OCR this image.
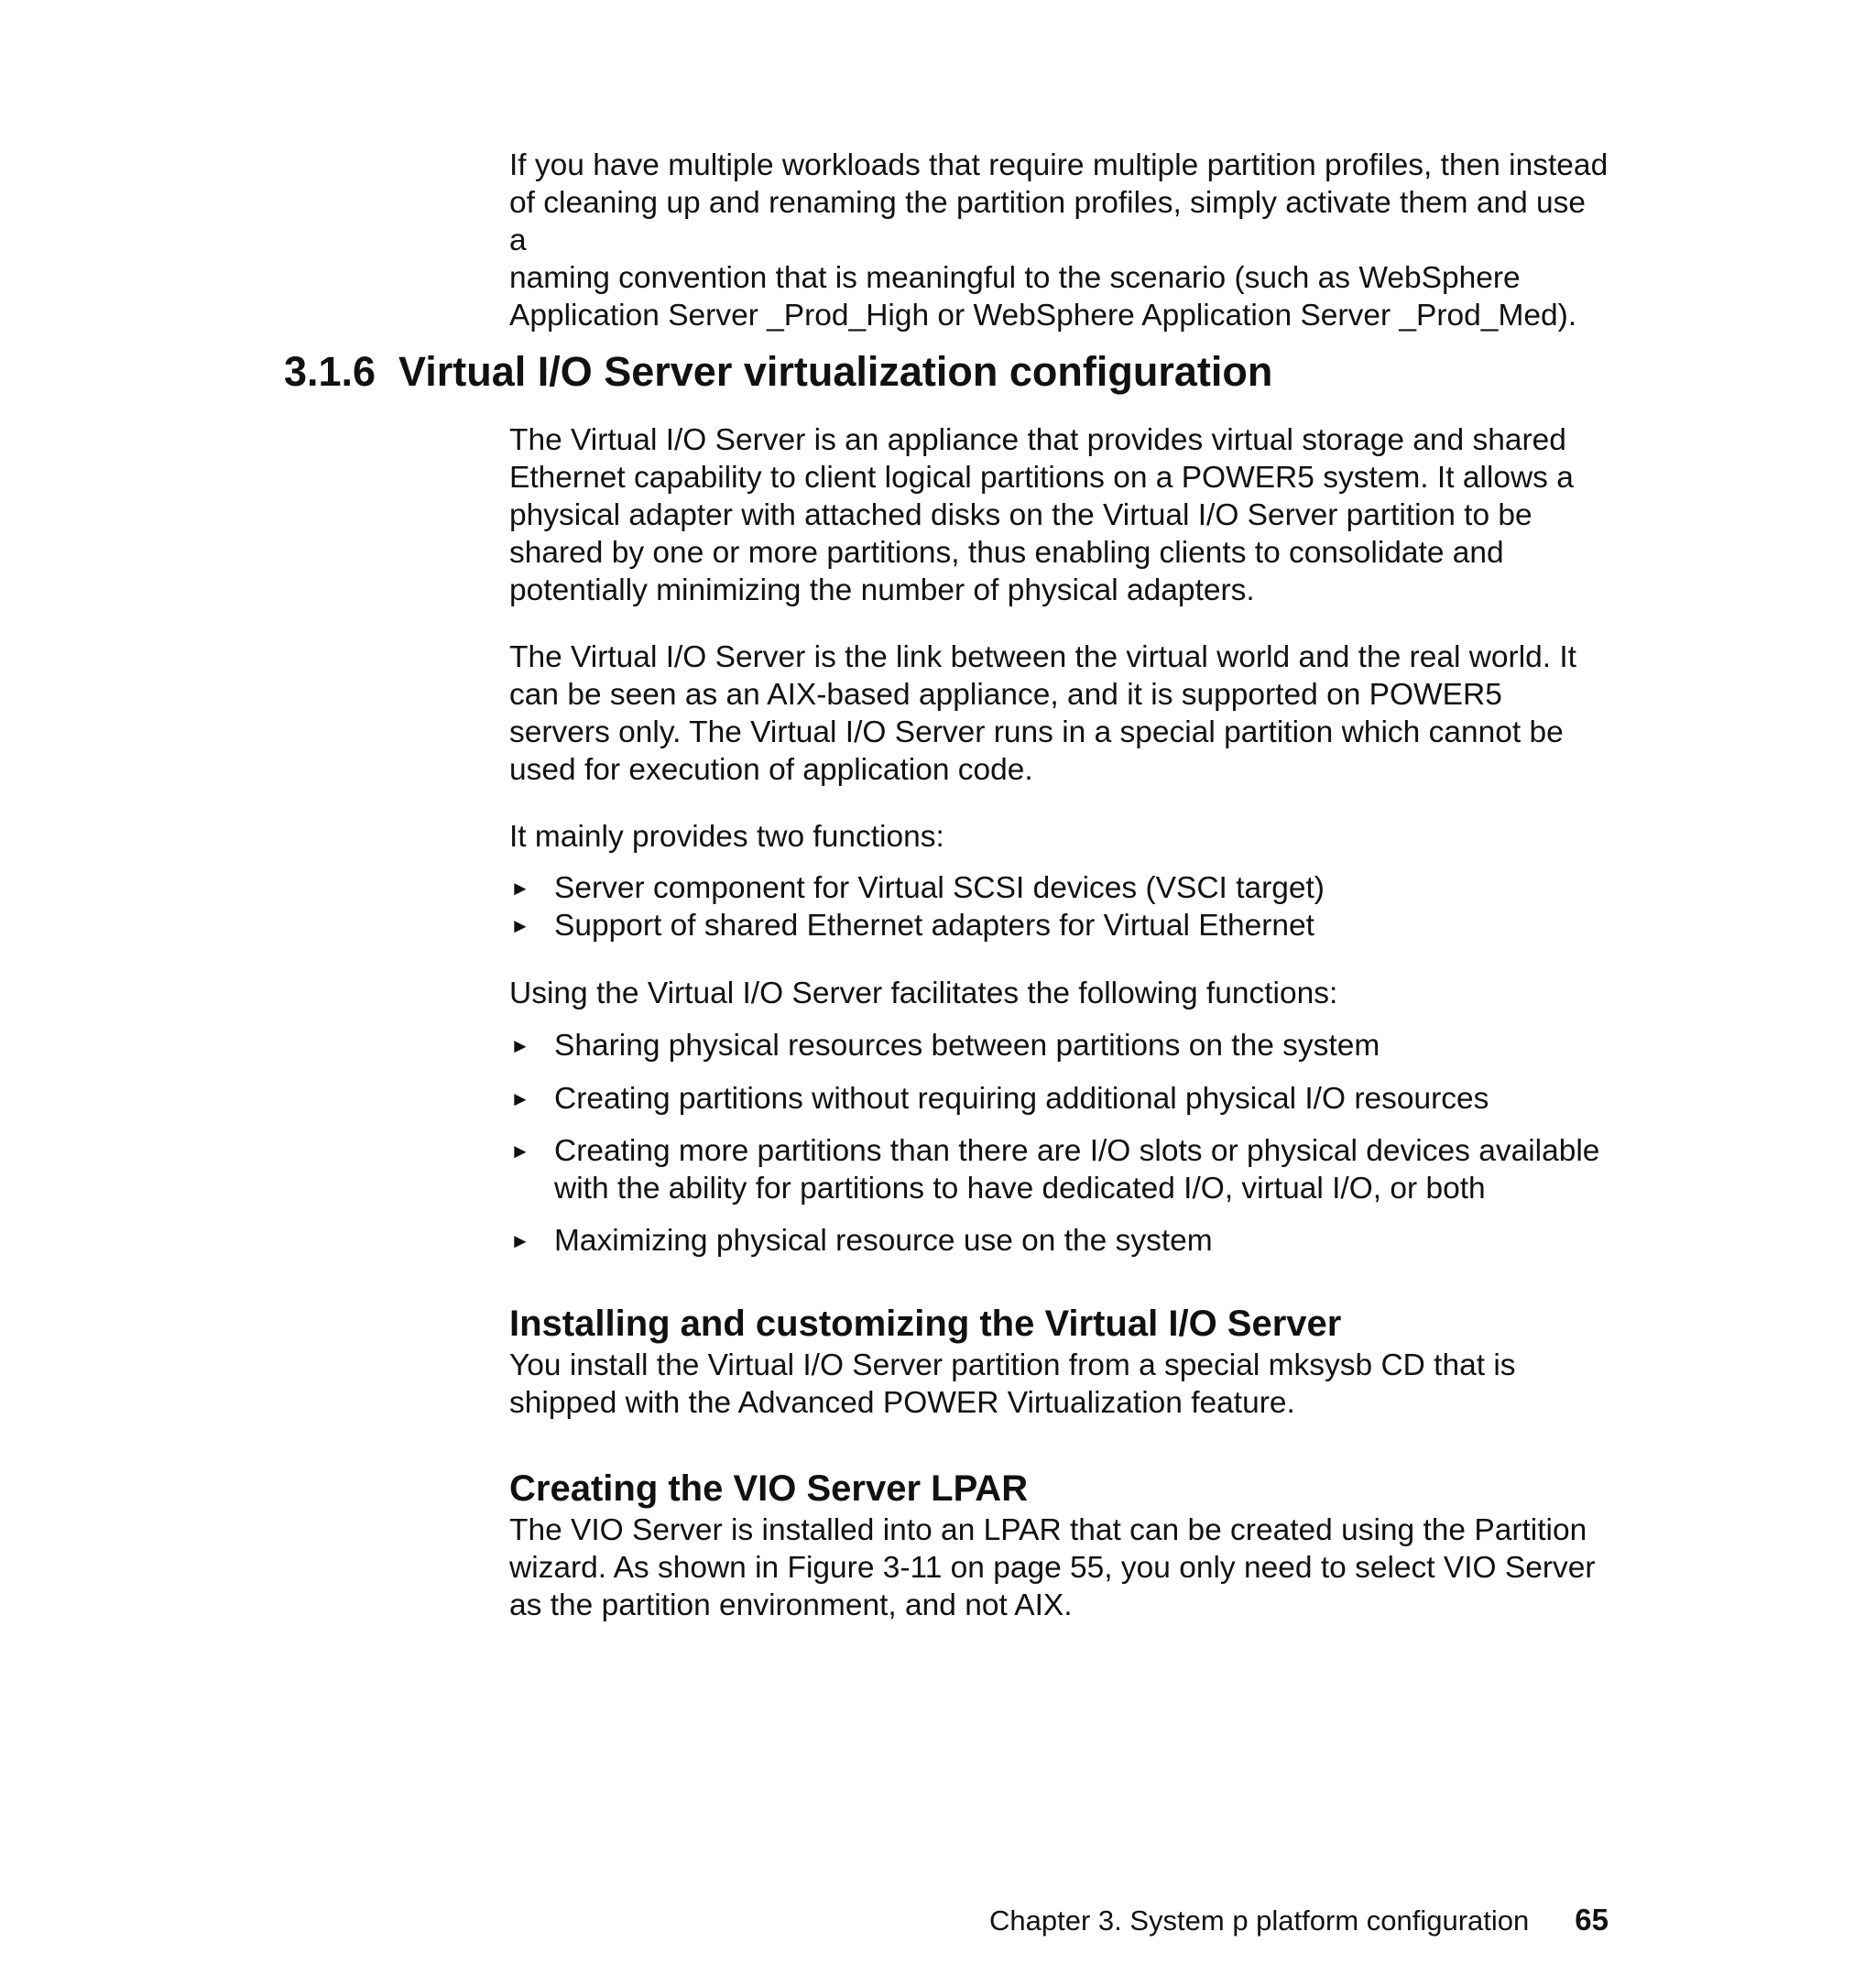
If you have multiple workloads that require multiple partition profiles, then instead
of cleaning up and renaming the partition profiles, simply activate them and use a
naming convention that is meaningful to the scenario (such as WebSphere
Application Server _Prod_High or WebSphere Application Server _Prod_Med).

3.1.6 Virtual I/O Server virtualization configuration

The Virtual I/O Server is an appliance that provides virtual storage and shared
Ethernet capability to client logical partitions on a POWER5 system. It allows a
physical adapter with attached disks on the Virtual I/O Server partition to be
shared by one or more partitions, thus enabling clients to consolidate and
potentially minimizing the number of physical adapters.

The Virtual I/O Server is the link between the virtual world and the real world. It
can be seen as an AIX-based appliance, and it is supported on POWER5
servers only. The Virtual I/O Server runs in a special partition which cannot be
used for execution of application code.

It mainly provides two functions:

► Server component for Virtual SCSI devices (VSCI target)
► Support of shared Ethernet adapters for Virtual Ethernet

Using the Virtual I/O Server facilitates the following functions:

► Sharing physical resources between partitions on the system
► Creating partitions without requiring additional physical I/O resources
► Creating more partitions than there are I/O slots or physical devices available
with the ability for partitions to have dedicated I/O, virtual I/O, or both
► Maximizing physical resource use on the system
Installing and customizing the Virtual I/O Server

You install the Virtual I/O Server partition from a special mksysb CD that is
shipped with the Advanced POWER Virtualization feature.

Creating the VIO Server LPAR

The VIO Server is installed into an LPAR that can be created using the Partition
wizard. As shown in Figure 3-11 on page 55, you only need to select VIO Server
as the partition environment, and not AIX.

Chapter 3. System p platform configuration 65
